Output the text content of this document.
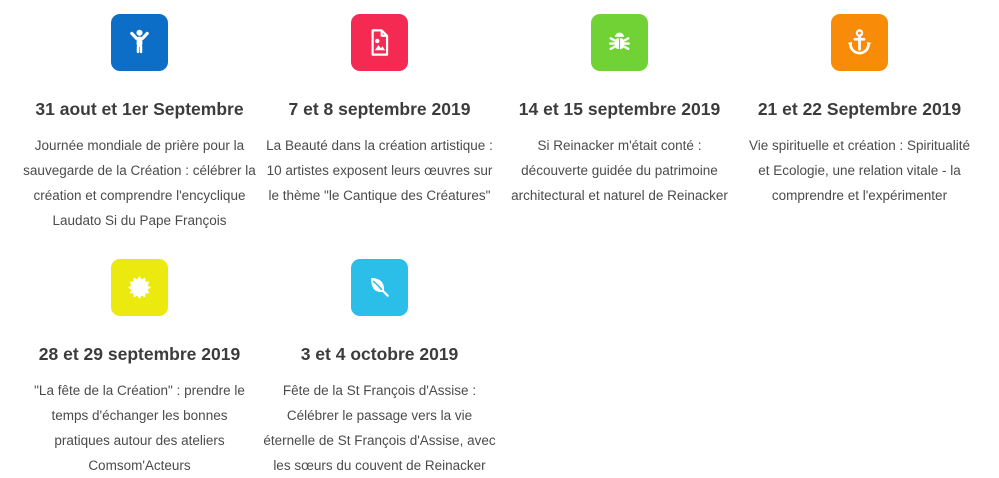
31 aout et 1er Septembre

Journée mondiale de prière pour la sauvegarde de la Création : célébrer la création et comprendre l'encyclique Laudato Si du Pape François

7 et 8 septembre 2019

La Beauté dans la création artistique : 10 artistes exposent leurs œuvres sur le thème "le Cantique des Créatures"

14 et 15 septembre 2019

Si Reinacker m'était conté : découverte guidée du patrimoine architectural et naturel de Reinacker

21 et 22 Septembre 2019

Vie spirituelle et création : Spiritualité et Ecologie, une relation vitale - la comprendre et l'expérimenter

28 et 29 septembre 2019

"La fête de la Création" : prendre le temps d'échanger les bonnes pratiques autour des ateliers Comsom'Acteurs

3 et 4 octobre 2019

Fête de la St François d'Assise : Célébrer le passage vers la vie éternelle de St François d'Assise, avec les sœurs du couvent de Reinacker
